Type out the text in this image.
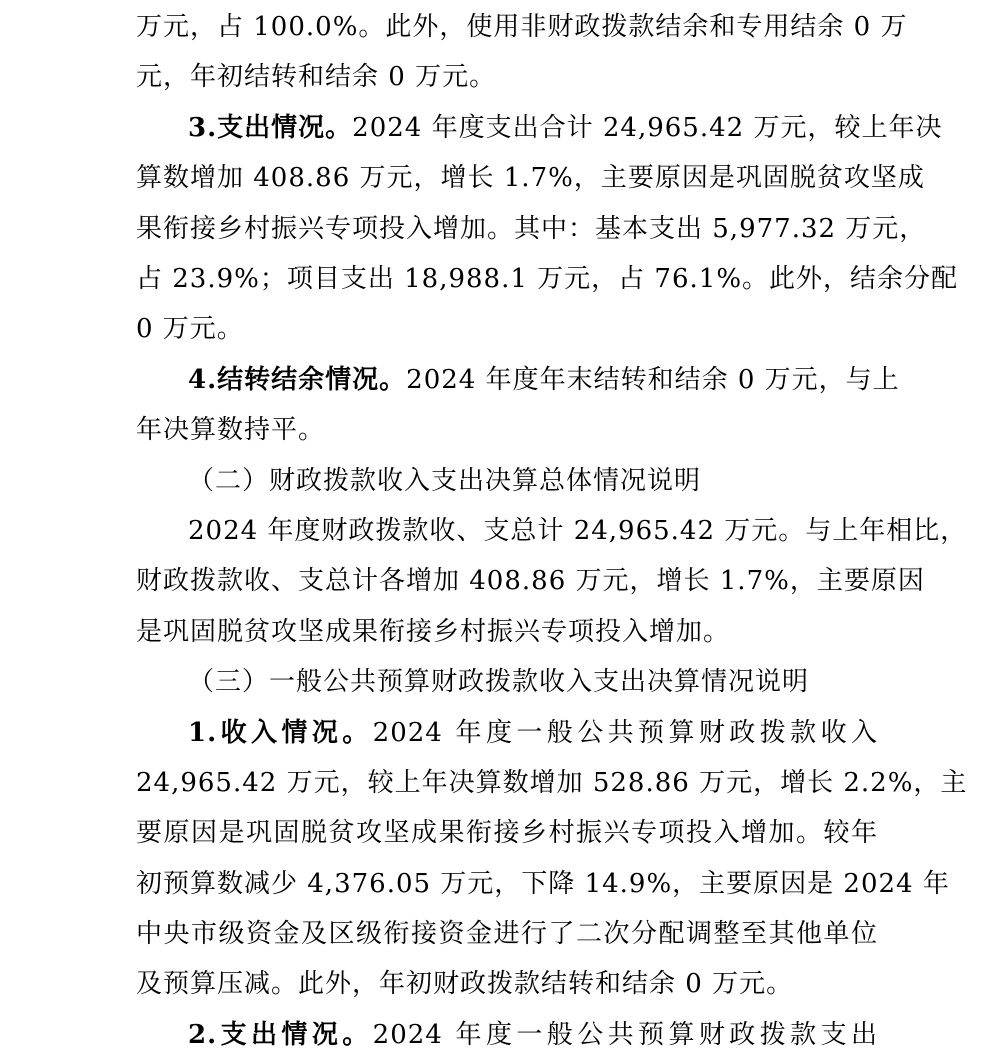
万元，占 100.0%。此外，使用非财政拨款结余和专用结余 0 万
元，年初结转和结余 0 万元。
3.支出情况。2024 年度支出合计 24,965.42 万元，较上年决
算数增加 408.86 万元，增长 1.7%，主要原因是巩固脱贫攻坚成
果衔接乡村振兴专项投入增加。其中：基本支出 5,977.32 万元，
占 23.9%；项目支出 18,988.1 万元，占 76.1%。此外，结余分配
0 万元。
4.结转结余情况。2024 年度年末结转和结余 0 万元，与上
年决算数持平。
（二）财政拨款收入支出决算总体情况说明
2024 年度财政拨款收、支总计 24,965.42 万元。与上年相比，
财政拨款收、支总计各增加 408.86 万元，增长 1.7%，主要原因
是巩固脱贫攻坚成果衔接乡村振兴专项投入增加。
（三）一般公共预算财政拨款收入支出决算情况说明
1.收入情况。2024 年度一般公共预算财政拨款收入
24,965.42 万元，较上年决算数增加 528.86 万元，增长 2.2%，主
要原因是巩固脱贫攻坚成果衔接乡村振兴专项投入增加。较年
初预算数减少 4,376.05 万元，下降 14.9%，主要原因是 2024 年
中央市级资金及区级衔接资金进行了二次分配调整至其他单位
及预算压减。此外，年初财政拨款结转和结余 0 万元。
2.支出情况。2024 年度一般公共预算财政拨款支出
